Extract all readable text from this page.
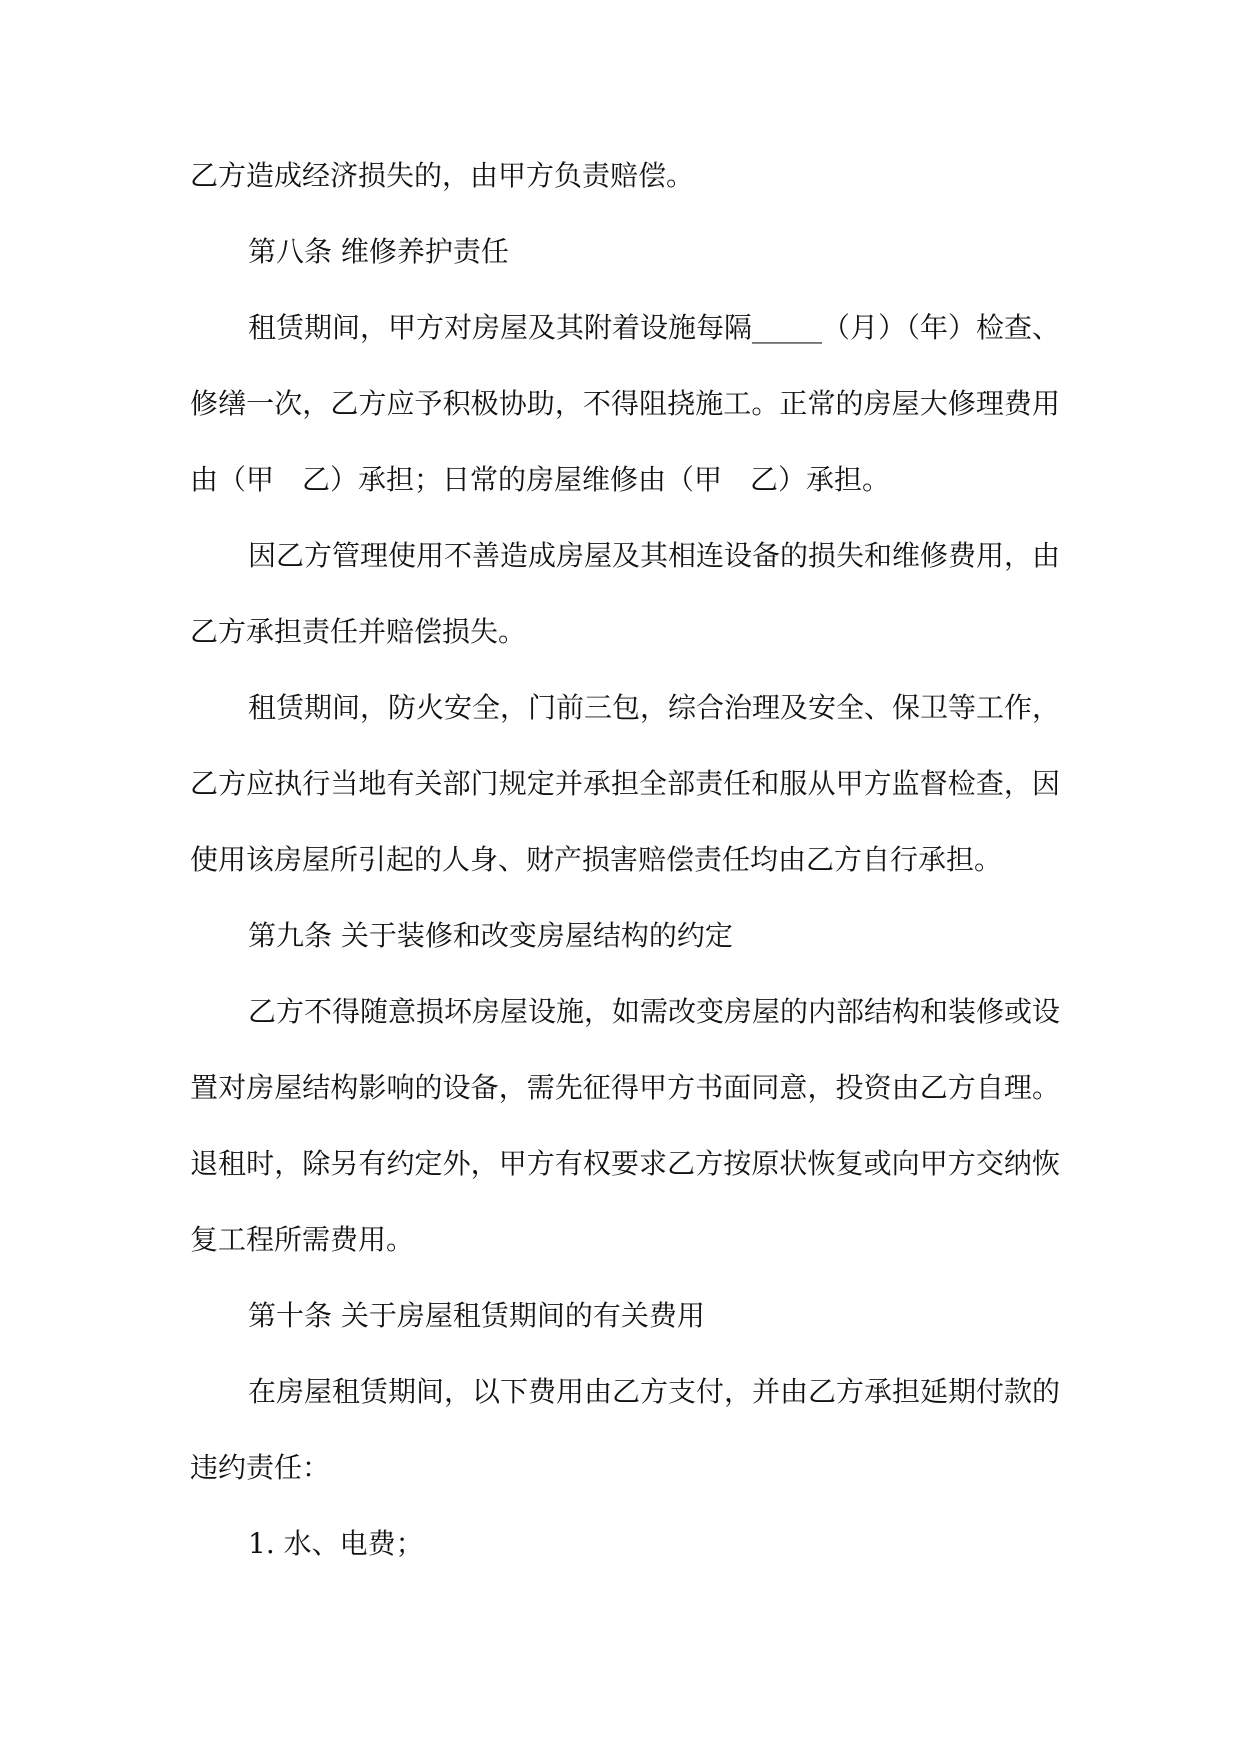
乙方造成经济损失的，由甲方负责赔偿。

第八条 维修养护责任

租赁期间，甲方对房屋及其附着设施每隔_____（月）（年）检查、修缮一次，乙方应予积极协助，不得阻挠施工。正常的房屋大修理费用由（甲　乙）承担；日常的房屋维修由（甲　乙）承担。

因乙方管理使用不善造成房屋及其相连设备的损失和维修费用，由乙方承担责任并赔偿损失。

租赁期间，防火安全，门前三包，综合治理及安全、保卫等工作，乙方应执行当地有关部门规定并承担全部责任和服从甲方监督检查，因使用该房屋所引起的人身、财产损害赔偿责任均由乙方自行承担。

第九条 关于装修和改变房屋结构的约定

乙方不得随意损坏房屋设施，如需改变房屋的内部结构和装修或设置对房屋结构影响的设备，需先征得甲方书面同意，投资由乙方自理。退租时，除另有约定外，甲方有权要求乙方按原状恢复或向甲方交纳恢复工程所需费用。

第十条 关于房屋租赁期间的有关费用

在房屋租赁期间，以下费用由乙方支付，并由乙方承担延期付款的违约责任：

1. 水、电费；
